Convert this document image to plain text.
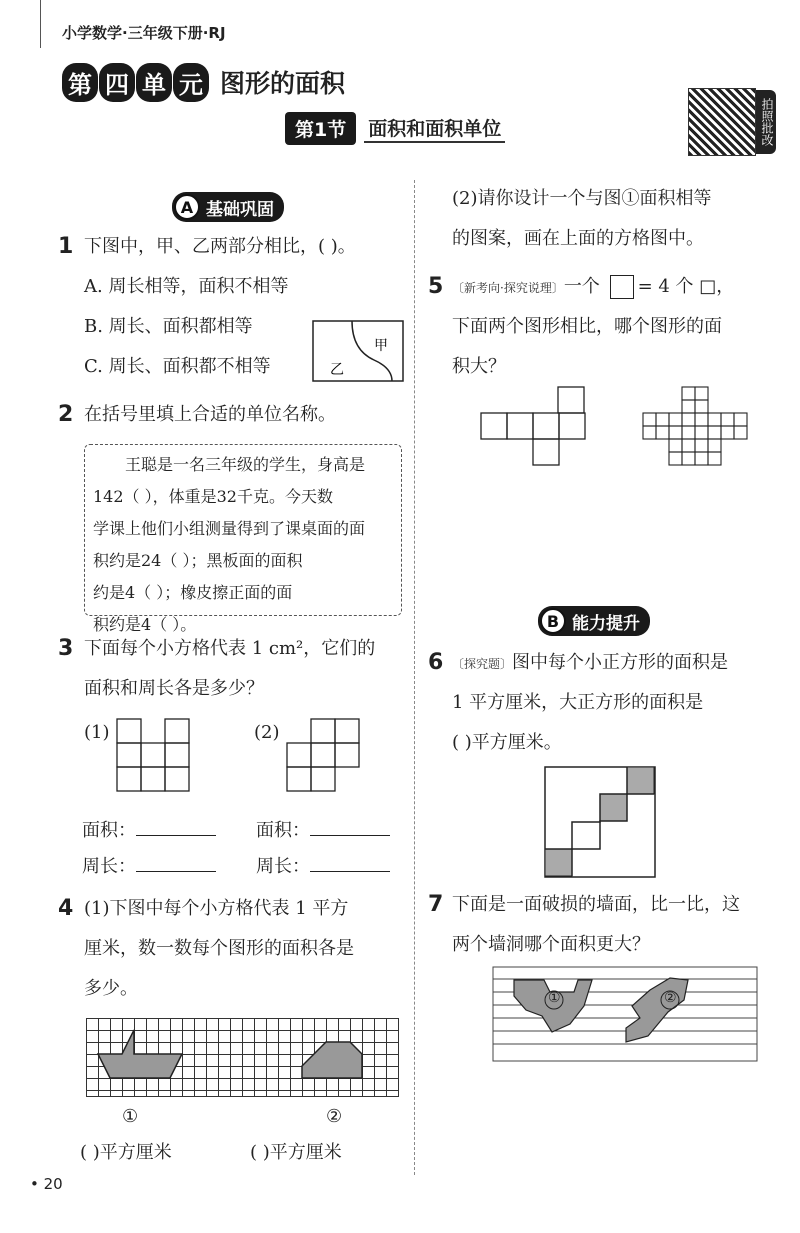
小学数学·三年级下册·RJ
第 四 单 元 图形的面积
第1节	面积和面积单位	拍照批改
A 基础巩固
1 下图中，甲、乙两部分相比，( )。
A. 周长相等，面积不相等
B. 周长、面积都相等
C. 周长、面积都不相等
甲
乙
2 在括号里填上合适的单位名称。
王聪是一名三年级的学生，身高是
142（ ），体重是32千克。今天数
学课上他们小组测量得到了课桌面的面
积约是24（ ）；黑板面的面积
约是4（ ）；橡皮擦正面的面
积约是4（ ）。
3 下面每个小方格代表 1 cm²，它们的
面积和周长各是多少？
(1)	(2)
面积：	面积：
周长：	周长：
4 (1)下图中每个小方格代表 1 平方
厘米，数一数每个图形的面积各是
多少。
①	②
( )平方厘米	( )平方厘米
(2)请你设计一个与图①面积相等
的图案，画在上面的方格图中。
5 〔新考向·探究说理〕一个 = 4 个 □，
下面两个图形相比，哪个图形的面
积大？
B 能力提升
6 〔探究题〕图中每个小正方形的面积是
1 平方厘米，大正方形的面积是
( )平方厘米。
7 下面是一面破损的墙面，比一比，这
两个墙洞哪个面积更大？
①	②
• 20
